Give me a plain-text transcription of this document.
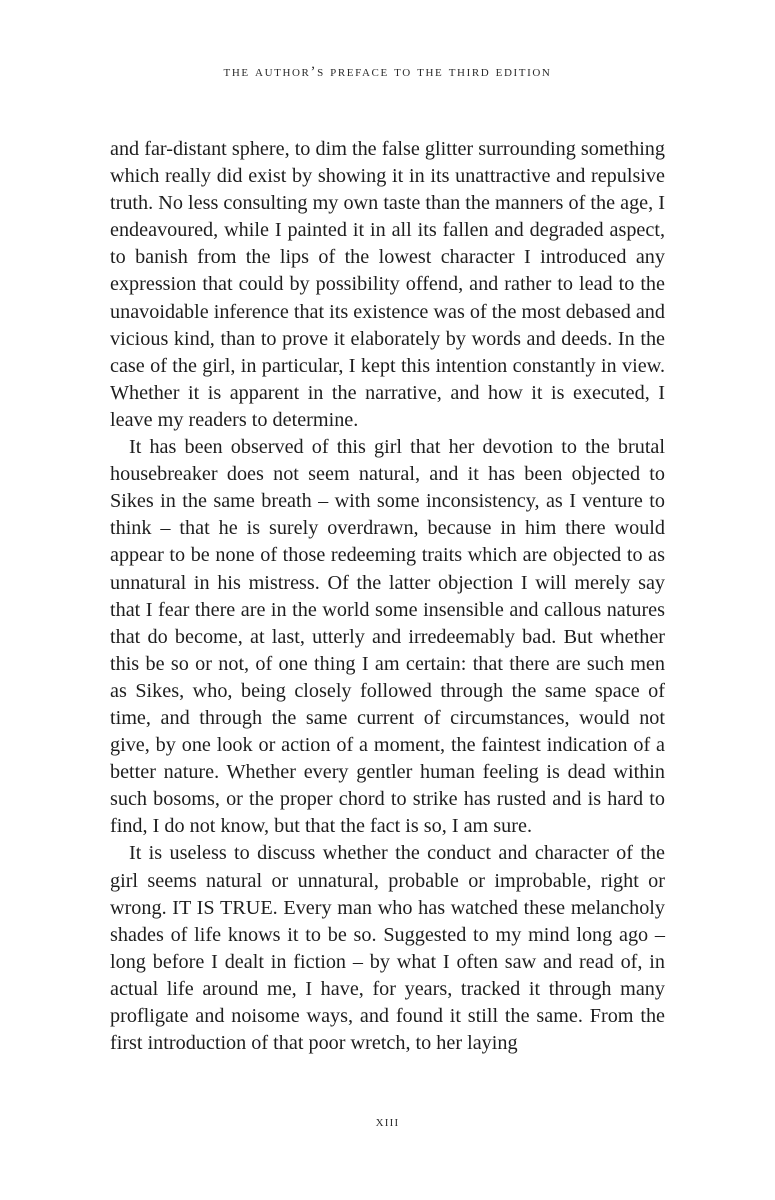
the author’s preface to the third edition

and far-distant sphere, to dim the false glitter surrounding something which really did exist by showing it in its unattractive and repulsive truth. No less consulting my own taste than the manners of the age, I endeavoured, while I painted it in all its fallen and degraded aspect, to banish from the lips of the lowest character I introduced any expression that could by possibility offend, and rather to lead to the unavoidable inference that its existence was of the most debased and vicious kind, than to prove it elaborately by words and deeds. In the case of the girl, in particular, I kept this intention constantly in view. Whether it is apparent in the narrative, and how it is executed, I leave my readers to determine.

It has been observed of this girl that her devotion to the brutal housebreaker does not seem natural, and it has been objected to Sikes in the same breath – with some inconsistency, as I venture to think – that he is surely overdrawn, because in him there would appear to be none of those redeeming traits which are objected to as unnatural in his mistress. Of the latter objection I will merely say that I fear there are in the world some insensible and callous natures that do become, at last, utterly and irredeemably bad. But whether this be so or not, of one thing I am certain: that there are such men as Sikes, who, being closely followed through the same space of time, and through the same current of circumstances, would not give, by one look or action of a moment, the faintest indication of a better nature. Whether every gentler human feeling is dead within such bosoms, or the proper chord to strike has rusted and is hard to find, I do not know, but that the fact is so, I am sure.

It is useless to discuss whether the conduct and character of the girl seems natural or unnatural, probable or improbable, right or wrong. IT IS TRUE. Every man who has watched these melancholy shades of life knows it to be so. Suggested to my mind long ago – long before I dealt in fiction – by what I often saw and read of, in actual life around me, I have, for years, tracked it through many profligate and noisome ways, and found it still the same. From the first introduction of that poor wretch, to her laying

xiii
